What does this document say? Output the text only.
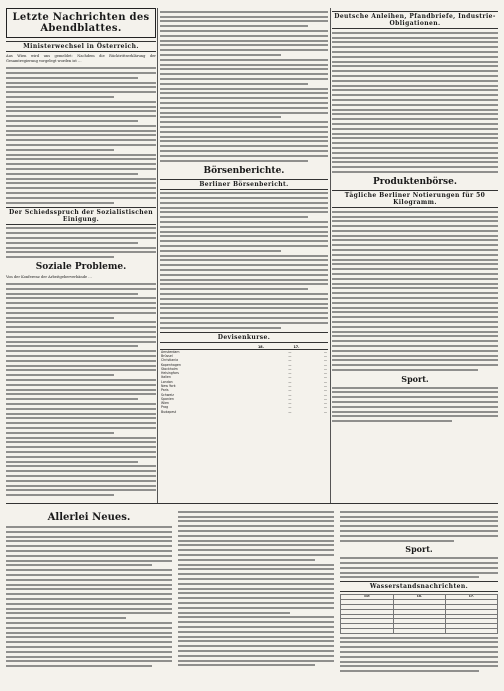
Letzte Nachrichten des Abendblattes.
Ministerwechsel in Österreich.
Aus Wien wird uns gemeldet: Nachdem die Rücktrittserklärung der Gesamtregierung vorgelegt worden ist …
Der Schiedsspruch der Sozialistischen Einigung.
Soziale Probleme.
Von der Konferenz der Arbeitgeberverbände …
Börsenberichte.
Berliner Börsenbericht.
Devisenkurse.
	18.	17.
Amsterdam	—	—
Brüssel	—	—
Christiania	—	—
Kopenhagen	—	—
Stockholm	—	—
Helsingfors	—	—
Italien	—	—
London	—	—
New York	—	—
Paris	—	—
Schweiz	—	—
Spanien	—	—
Wien	—	—
Prag	—	—
Budapest	—	—
Deutsche Anleihen, Pfandbriefe, Industrie-Obligationen.
Produktenbörse.
Tägliche Berliner Notierungen für 50 Kilogramm.
Sport.
Allerlei Neues.
Sport.
Wasserstandsnachrichten.
Ort	18.	17.
